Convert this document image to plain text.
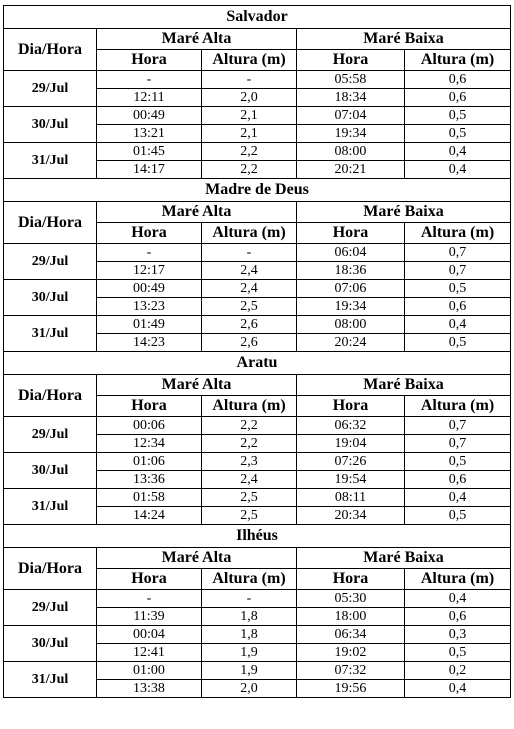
Salvador				
Dia/Hora	Maré Alta		Maré Baixa	
	Hora	Altura (m)	Hora	Altura (m)
29/Jul	-	-	05:58	0,6
	12:11	2,0	18:34	0,6
30/Jul	00:49	2,1	07:04	0,5
	13:21	2,1	19:34	0,5
31/Jul	01:45	2,2	08:00	0,4
	14:17	2,2	20:21	0,4
Madre de Deus				
Dia/Hora	Maré Alta		Maré Baixa	
	Hora	Altura (m)	Hora	Altura (m)
29/Jul	-	-	06:04	0,7
	12:17	2,4	18:36	0,7
30/Jul	00:49	2,4	07:06	0,5
	13:23	2,5	19:34	0,6
31/Jul	01:49	2,6	08:00	0,4
	14:23	2,6	20:24	0,5
Aratu				
Dia/Hora	Maré Alta		Maré Baixa	
	Hora	Altura (m)	Hora	Altura (m)
29/Jul	00:06	2,2	06:32	0,7
	12:34	2,2	19:04	0,7
30/Jul	01:06	2,3	07:26	0,5
	13:36	2,4	19:54	0,6
31/Jul	01:58	2,5	08:11	0,4
	14:24	2,5	20:34	0,5
Ilhéus				
Dia/Hora	Maré Alta		Maré Baixa	
	Hora	Altura (m)	Hora	Altura (m)
29/Jul	-	-	05:30	0,4
	11:39	1,8	18:00	0,6
30/Jul	00:04	1,8	06:34	0,3
	12:41	1,9	19:02	0,5
31/Jul	01:00	1,9	07:32	0,2
	13:38	2,0	19:56	0,4
